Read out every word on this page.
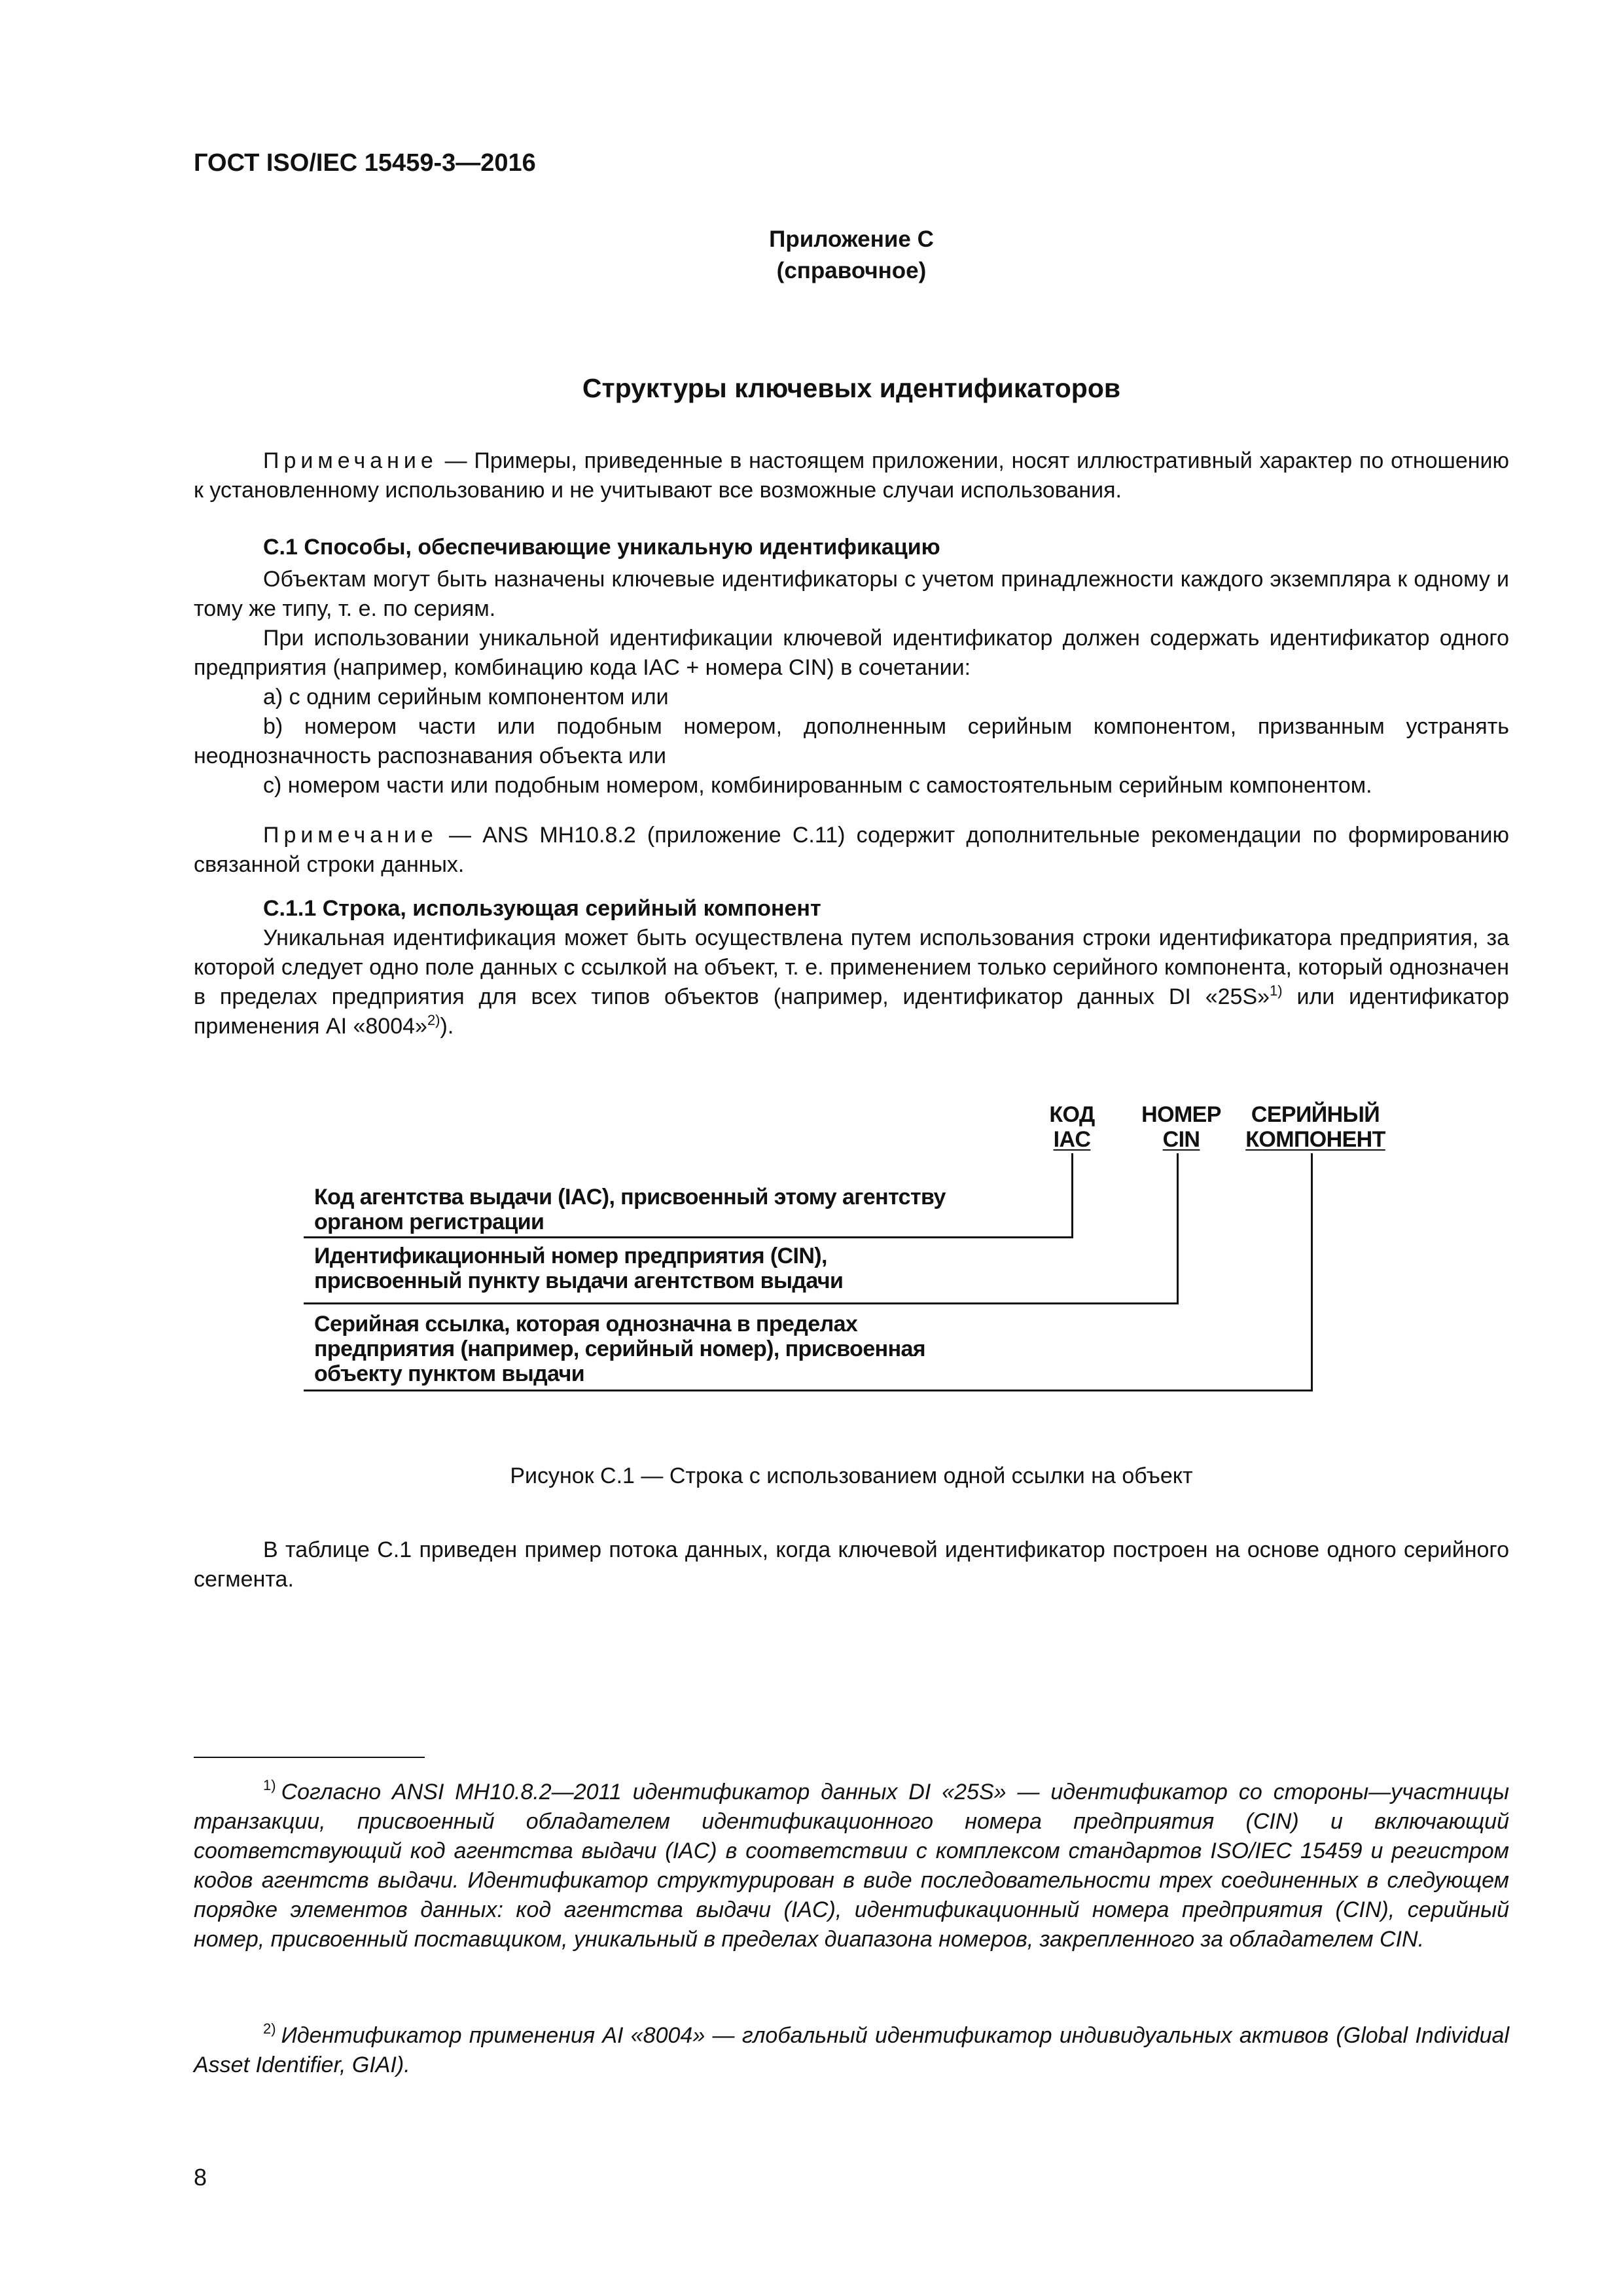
ГОСТ ISO/IEC 15459-3—2016
Приложение C
(справочное)
Структуры ключевых идентификаторов

Примечание — Примеры, приведенные в настоящем приложении, носят иллюстративный характер по отношению к установленному использованию и не учитывают все возможные случаи использования.

С.1 Способы, обеспечивающие уникальную идентификацию

Объектам могут быть назначены ключевые идентификаторы с учетом принадлежности каждого экземпляра к одному и тому же типу, т. е. по сериям.

При использовании уникальной идентификации ключевой идентификатор должен содержать идентификатор одного предприятия (например, комбинацию кода IAC + номера CIN) в сочетании:

а) с одним серийным компонентом или

b) номером части или подобным номером, дополненным серийным компонентом, призванным устранять неоднозначность распознавания объекта или

с) номером части или подобным номером, комбинированным с самостоятельным серийным компонентом.

Примечание — ANS MH10.8.2 (приложение С.11) содержит дополнительные рекомендации по формированию связанной строки данных.

С.1.1 Строка, использующая серийный компонент

Уникальная идентификация может быть осуществлена путем использования строки идентификатора предприятия, за которой следует одно поле данных с ссылкой на объект, т. е. применением только серийного компонента, который однозначен в пределах предприятия для всех типов объектов (например, идентификатор данных DI «25S»$^{1)}$ или идентификатор применения AI «8004»$^{2)}$).

КОД
IAC
НОМЕР
CIN
СЕРИЙНЫЙ
КОМПОНЕНТ
Код агентства выдачи (IAC), присвоенный этому агентству
органом регистрации
Идентификационный номер предприятия (CIN),
присвоенный пункту выдачи агентством выдачи
Серийная ссылка, которая однозначна в пределах
предприятия (например, серийный номер), присвоенная
объекту пунктом выдачи
Рисунок С.1 — Строка с использованием одной ссылки на объект

В таблице С.1 приведен пример потока данных, когда ключевой идентификатор построен на основе одного серийного сегмента.

$^{1)}$ Согласно ANSI MH10.8.2—2011 идентификатор данных DI «25S» — идентификатор со стороны—участницы транзакции, присвоенный обладателем идентификационного номера предприятия (CIN) и включающий соответствующий код агентства выдачи (IAC) в соответствии с комплексом стандартов ISO/IEC 15459 и регистром кодов агентств выдачи. Идентификатор структурирован в виде последовательности трех соединенных в следующем порядке элементов данных: код агентства выдачи (IAC), идентификационный номера предприятия (CIN), серийный номер, присвоенный поставщиком, уникальный в пределах диапазона номеров, закрепленного за обладателем CIN.

$^{2)}$ Идентификатор применения AI «8004» — глобальный идентификатор индивидуальных активов (Global Individual Asset Identifier, GIAI).

8
